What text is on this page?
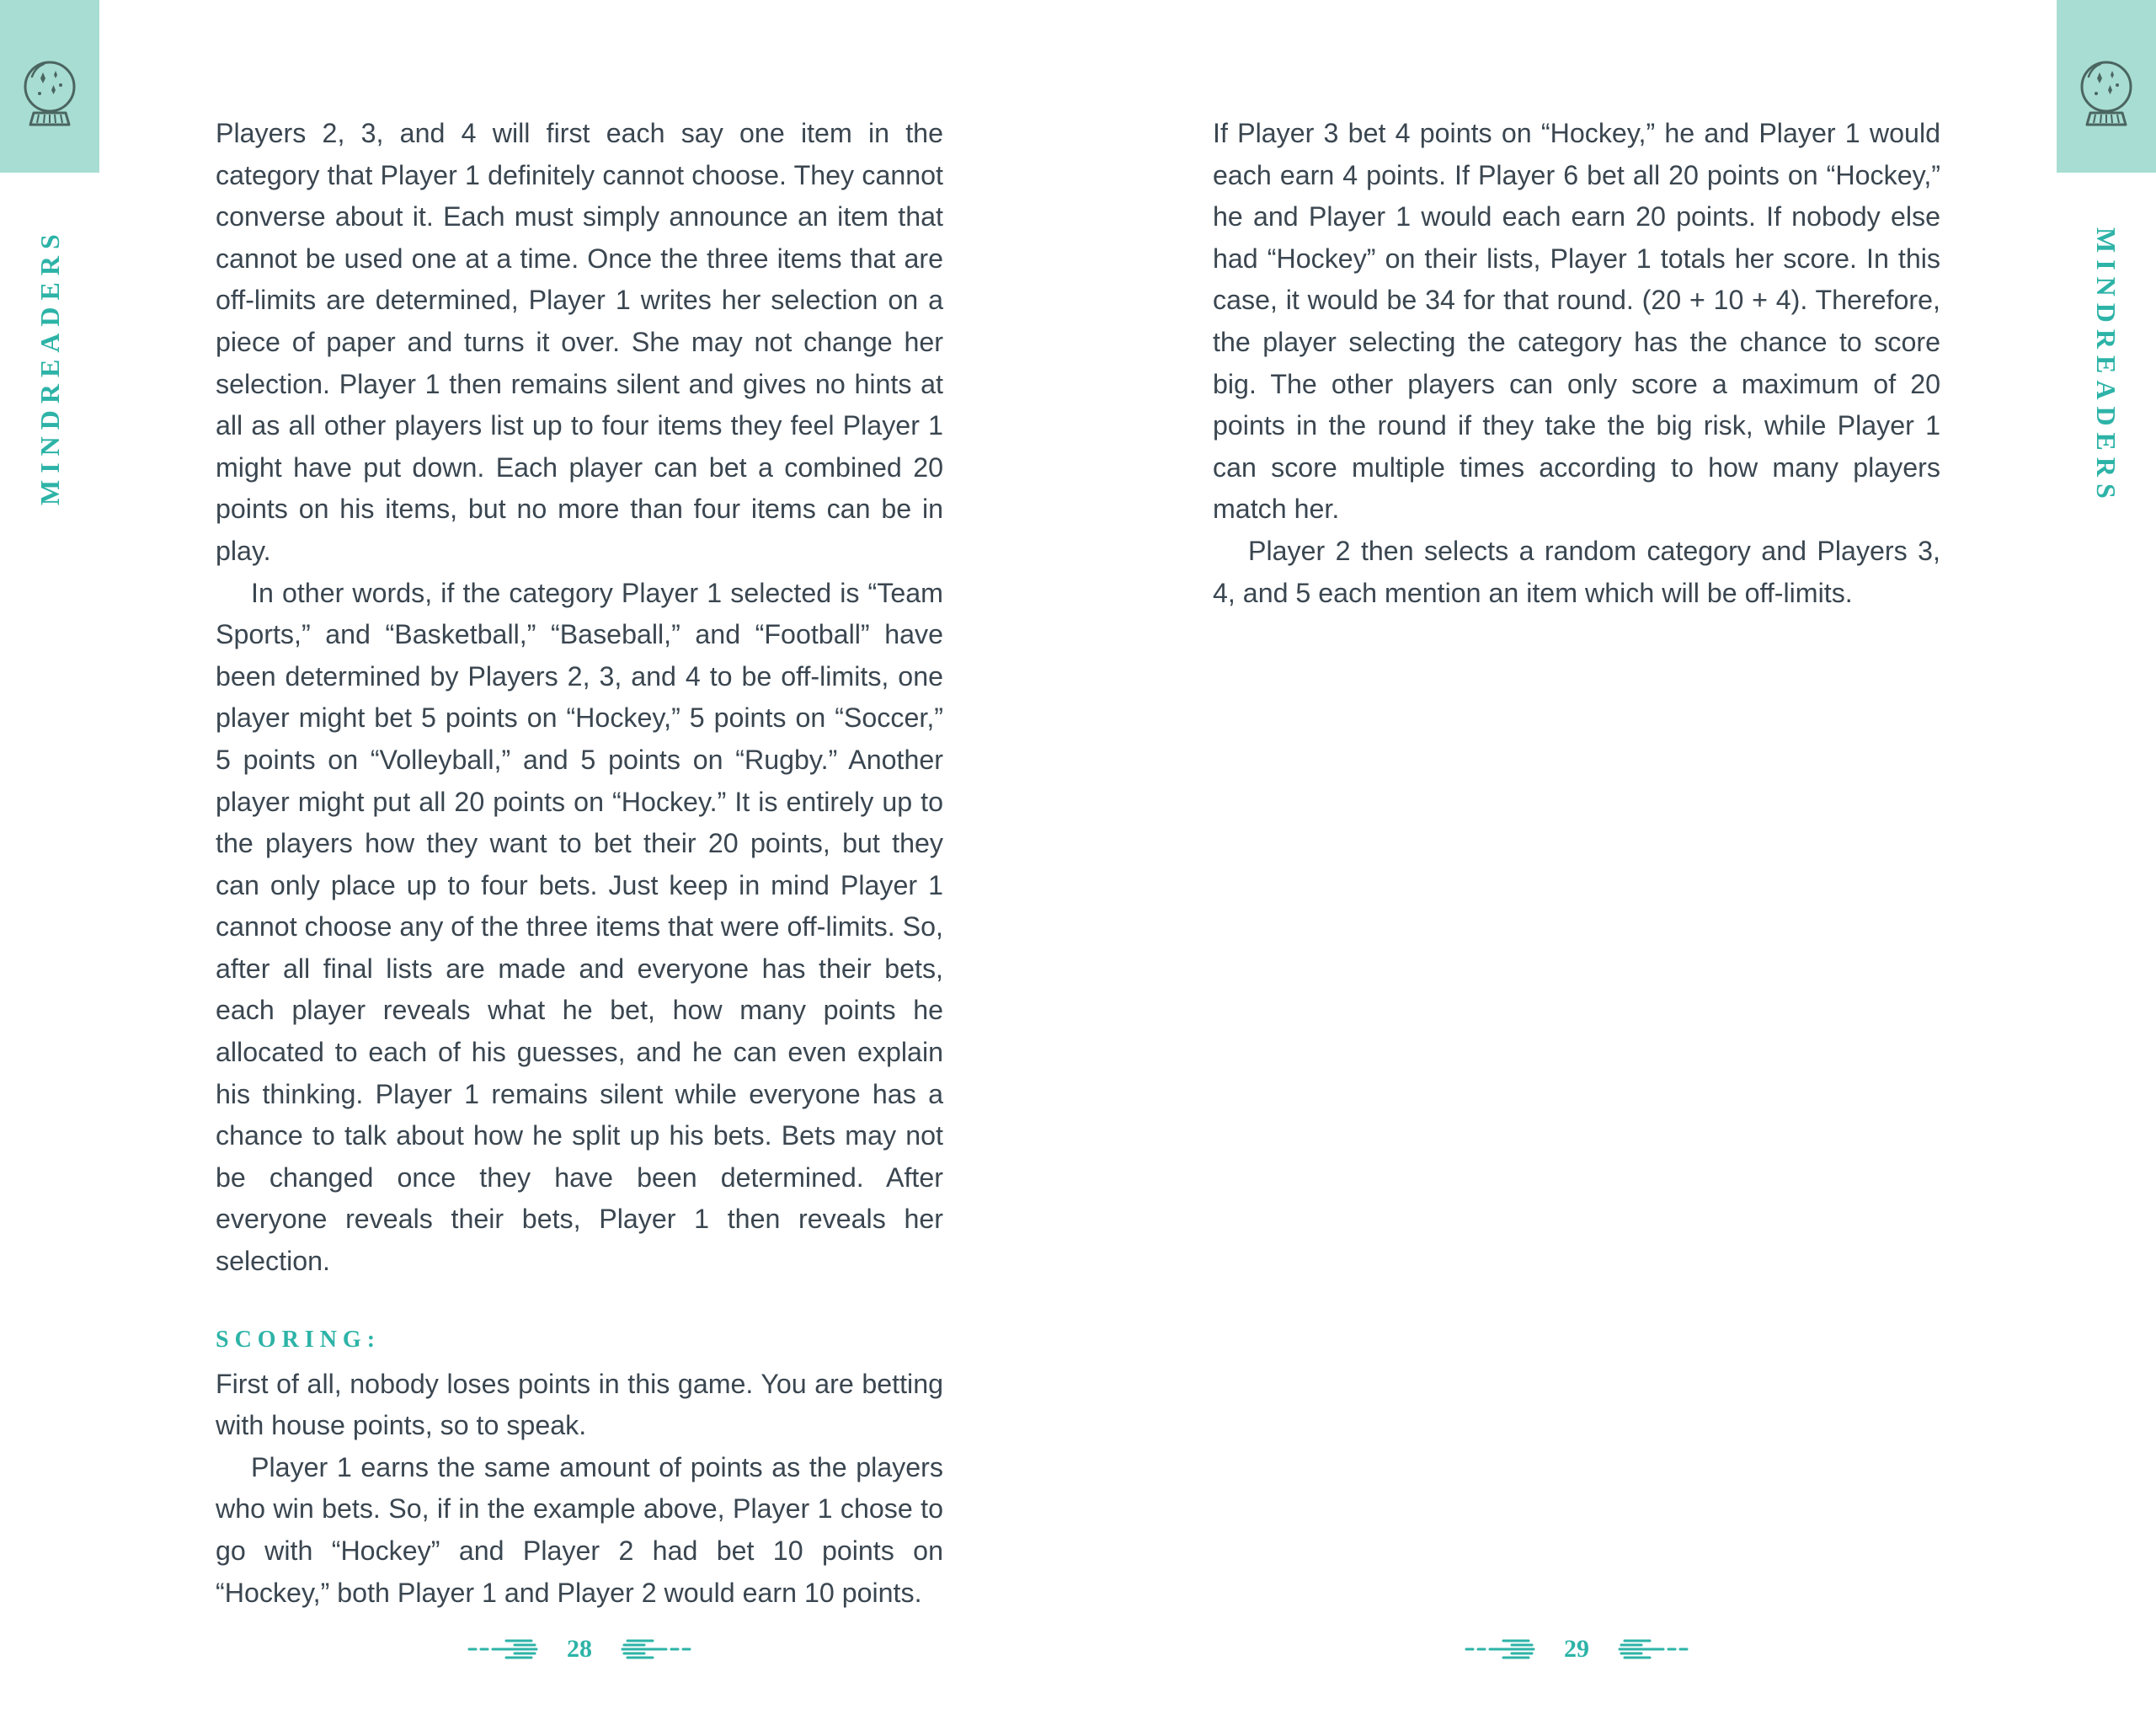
MINDREADERS	MINDREADERS

Players 2, 3, and 4 will first each say one item in the category that Player 1 definitely cannot choose. They cannot converse about it. Each must simply announce an item that cannot be used one at a time. Once the three items that are off-limits are determined, Player 1 writes her selection on a piece of paper and turns it over. She may not change her selection. Player 1 then remains silent and gives no hints at all as all other players list up to four items they feel Player 1 might have put down. Each player can bet a combined 20 points on his items, but no more than four items can be in play.

In other words, if the category Player 1 selected is “Team Sports,” and “Basketball,” “Baseball,” and “Football” have been determined by Players 2, 3, and 4 to be off-limits, one player might bet 5 points on “Hockey,” 5 points on “Soccer,” 5 points on “Volleyball,” and 5 points on “Rugby.” Another player might put all 20 points on “Hockey.” It is entirely up to the players how they want to bet their 20 points, but they can only place up to four bets. Just keep in mind Player 1 cannot choose any of the three items that were off-limits. So, after all final lists are made and everyone has their bets, each player reveals what he bet, how many points he allocated to each of his guesses, and he can even explain his thinking. Player 1 remains silent while everyone has a chance to talk about how he split up his bets. Bets may not be changed once they have been determined. After everyone reveals their bets, Player 1 then reveals her selection.

SCORING:

First of all, nobody loses points in this game. You are betting with house points, so to speak.

Player 1 earns the same amount of points as the players who win bets. So, if in the example above, Player 1 chose to go with “Hockey” and Player 2 had bet 10 points on “Hockey,” both Player 1 and Player 2 would earn 10 points.

If Player 3 bet 4 points on “Hockey,” he and Player 1 would each earn 4 points. If Player 6 bet all 20 points on “Hockey,” he and Player 1 would each earn 20 points. If nobody else had “Hockey” on their lists, Player 1 totals her score. In this case, it would be 34 for that round. (20 + 10 + 4). Therefore, the player selecting the category has the chance to score big. The other players can only score a maximum of 20 points in the round if they take the big risk, while Player 1 can score multiple times according to how many players match her.

Player 2 then selects a random category and Players 3, 4, and 5 each mention an item which will be off-limits.

28	29
